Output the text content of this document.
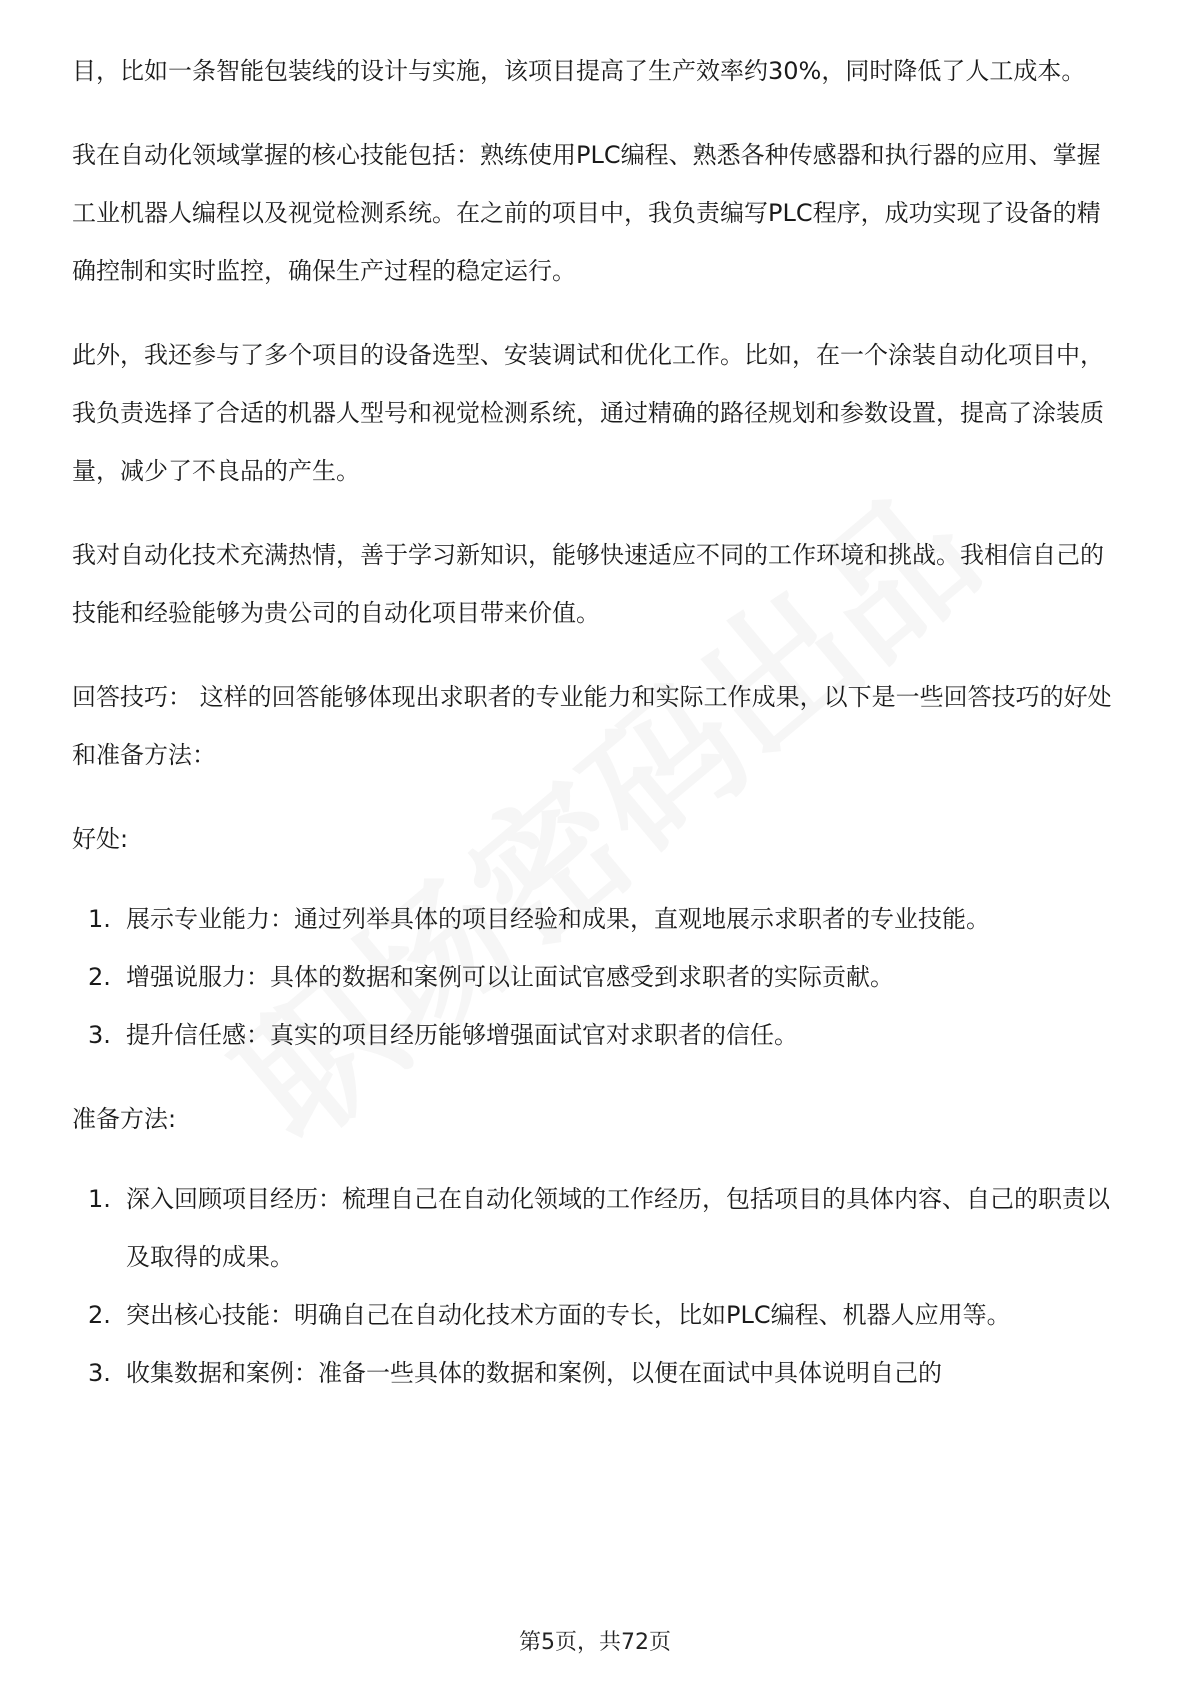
目，比如一条智能包装线的设计与实施，该项目提高了生产效率约30%，同时降低了人工成本。

我在自动化领域掌握的核心技能包括：熟练使用PLC编程、熟悉各种传感器和执行器的应用、掌握工业机器人编程以及视觉检测系统。在之前的项目中，我负责编写PLC程序，成功实现了设备的精确控制和实时监控，确保生产过程的稳定运行。

此外，我还参与了多个项目的设备选型、安装调试和优化工作。比如，在一个涂装自动化项目中，我负责选择了合适的机器人型号和视觉检测系统，通过精确的路径规划和参数设置，提高了涂装质量，减少了不良品的产生。

我对自动化技术充满热情，善于学习新知识，能够快速适应不同的工作环境和挑战。我相信自己的技能和经验能够为贵公司的自动化项目带来价值。

回答技巧： 这样的回答能够体现出求职者的专业能力和实际工作成果，以下是一些回答技巧的好处和准备方法：

好处:

1. 展示专业能力：通过列举具体的项目经验和成果，直观地展示求职者的专业技能。
2. 增强说服力：具体的数据和案例可以让面试官感受到求职者的实际贡献。
3. 提升信任感：真实的项目经历能够增强面试官对求职者的信任。

准备方法:

1. 深入回顾项目经历：梳理自己在自动化领域的工作经历，包括项目的具体内容、自己的职责以及取得的成果。
2. 突出核心技能：明确自己在自动化技术方面的专长，比如PLC编程、机器人应用等。
3. 收集数据和案例：准备一些具体的数据和案例，以便在面试中具体说明自己的
第5页，共72页
